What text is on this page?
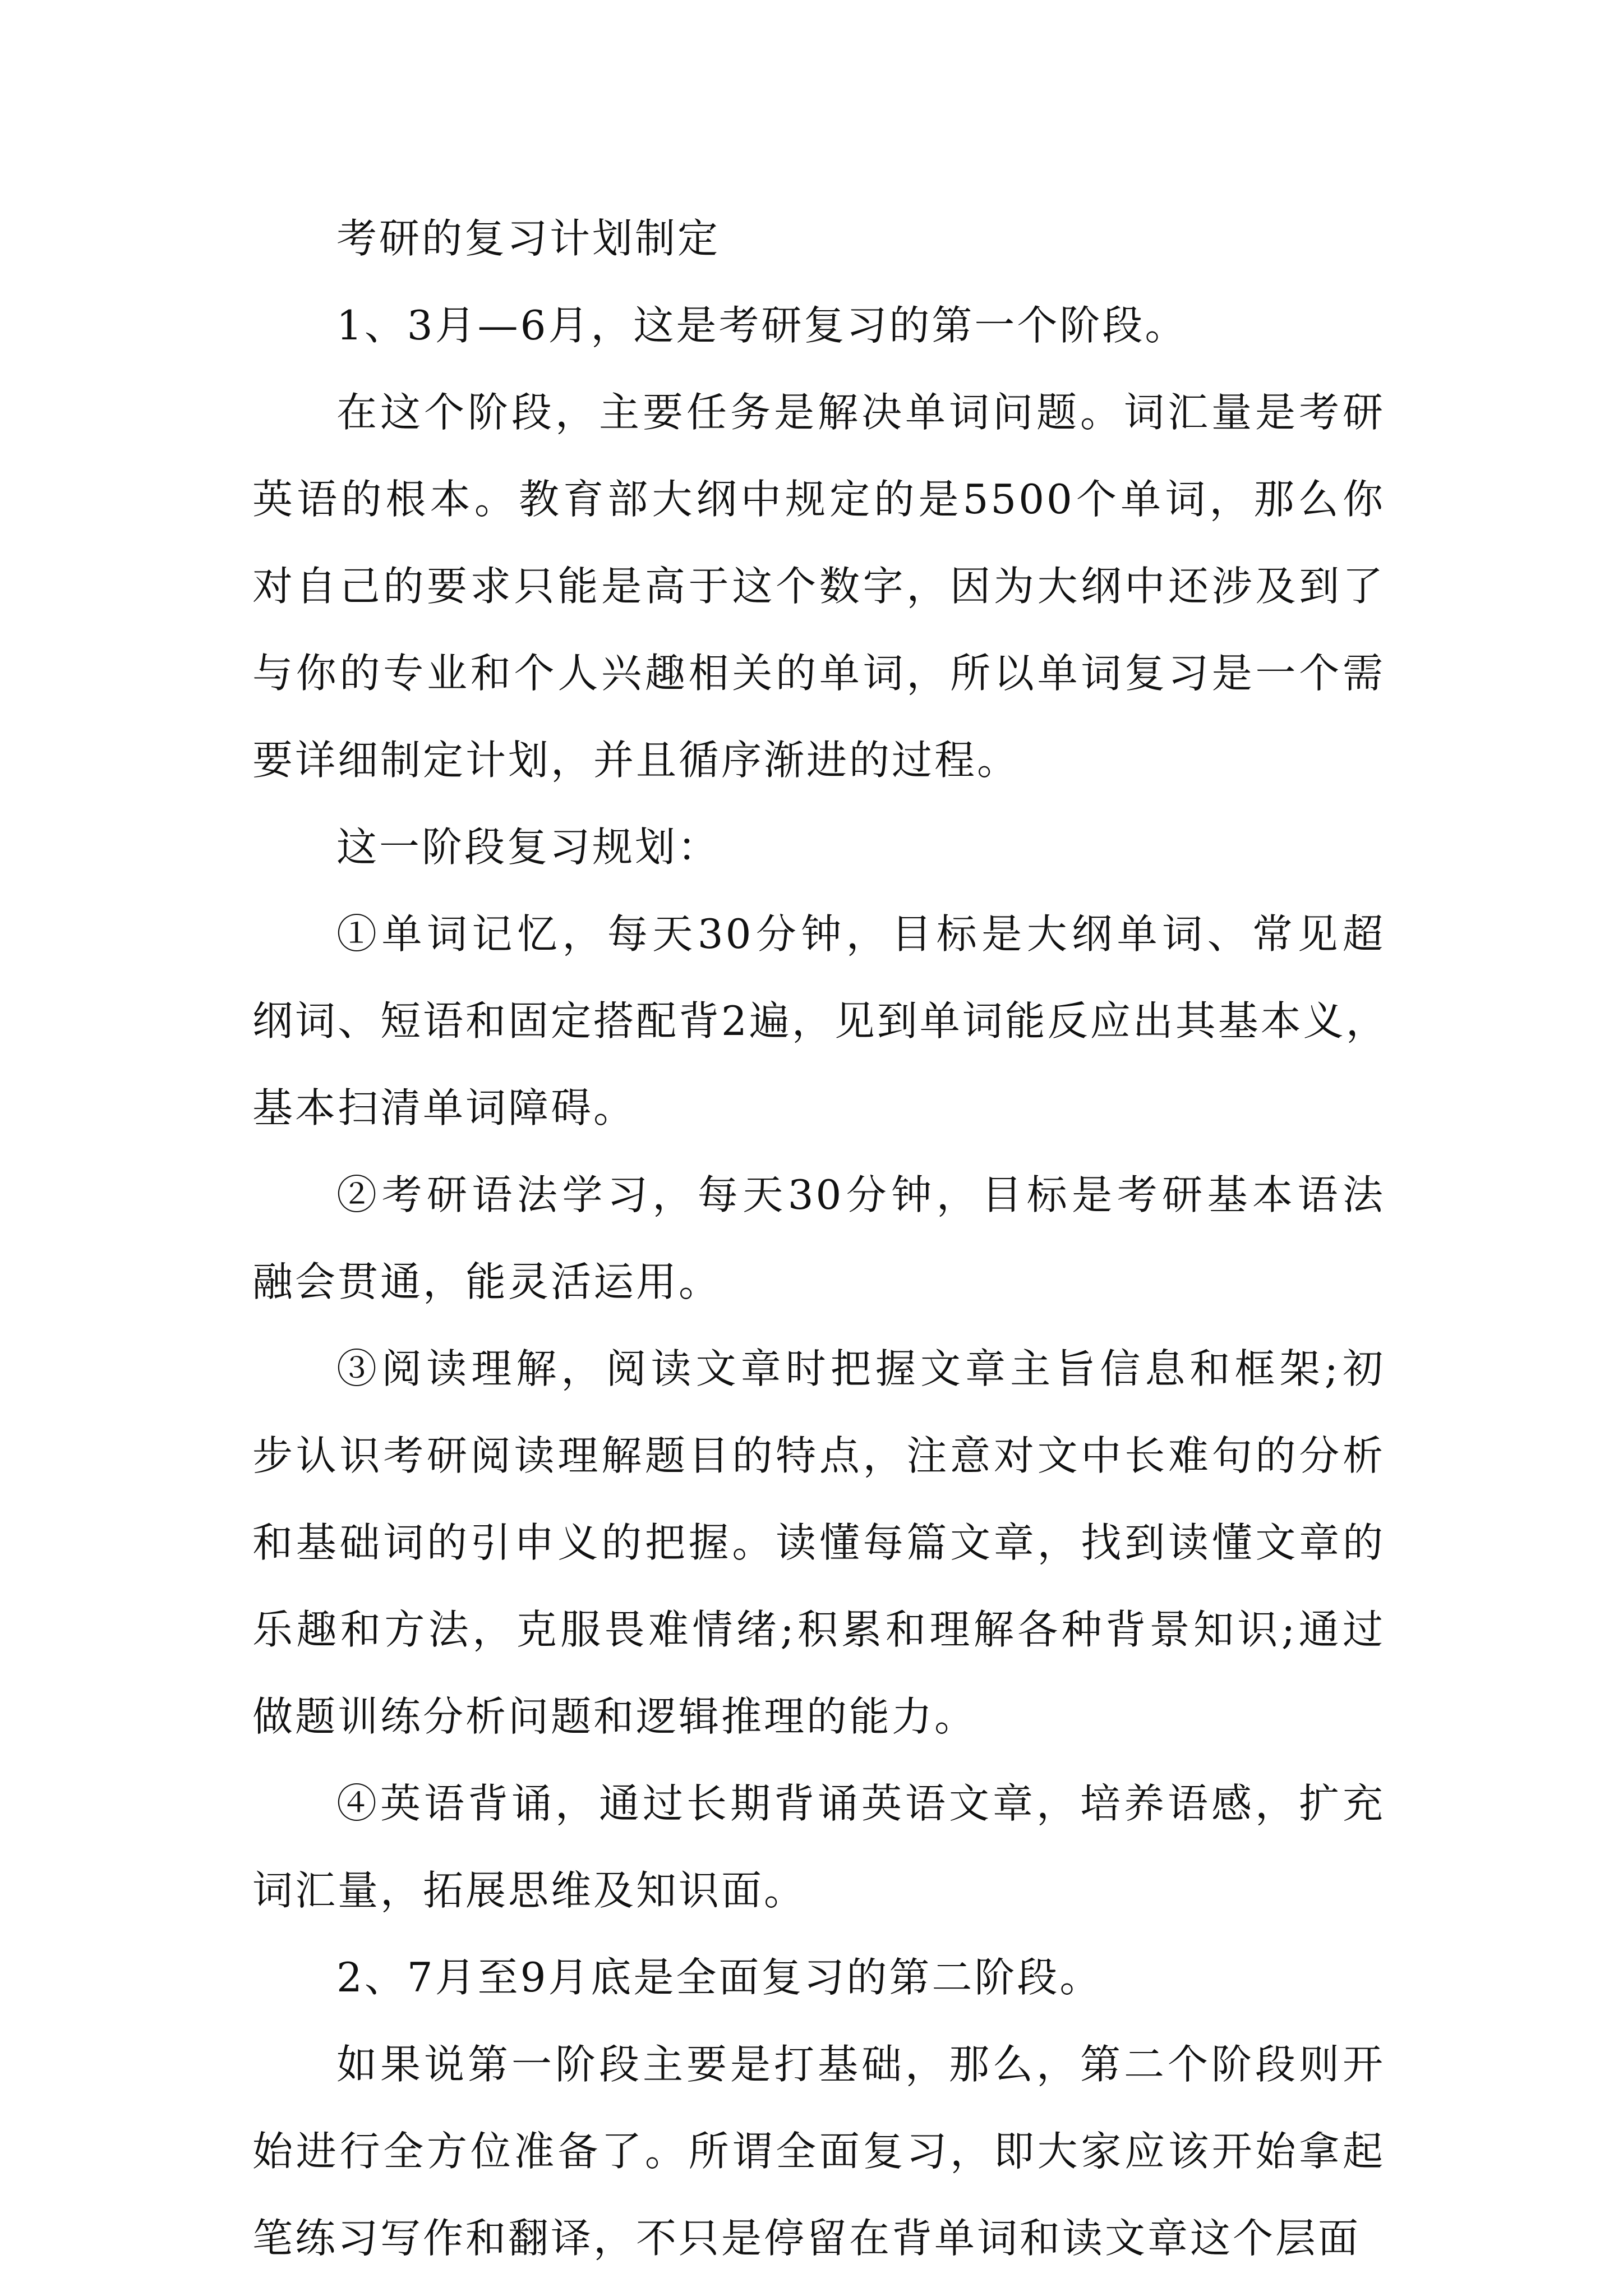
考研的复习计划制定
1、3月—6月，这是考研复习的第一个阶段。
在这个阶段，主要任务是解决单词问题。词汇量是考研
英语的根本。教育部大纲中规定的是5500个单词，那么你
对自己的要求只能是高于这个数字，因为大纲中还涉及到了
与你的专业和个人兴趣相关的单词，所以单词复习是一个需
要详细制定计划，并且循序渐进的过程。
这一阶段复习规划：
①单词记忆，每天30分钟，目标是大纲单词、常见超
纲词、短语和固定搭配背2遍，见到单词能反应出其基本义，
基本扫清单词障碍。
②考研语法学习，每天30分钟，目标是考研基本语法
融会贯通，能灵活运用。
③阅读理解，阅读文章时把握文章主旨信息和框架;初
步认识考研阅读理解题目的特点，注意对文中长难句的分析
和基础词的引申义的把握。读懂每篇文章，找到读懂文章的
乐趣和方法，克服畏难情绪;积累和理解各种背景知识;通过
做题训练分析问题和逻辑推理的能力。
④英语背诵，通过长期背诵英语文章，培养语感，扩充
词汇量，拓展思维及知识面。
2、7月至9月底是全面复习的第二阶段。
如果说第一阶段主要是打基础，那么，第二个阶段则开
始进行全方位准备了。所谓全面复习，即大家应该开始拿起
笔练习写作和翻译，不只是停留在背单词和读文章这个层面
